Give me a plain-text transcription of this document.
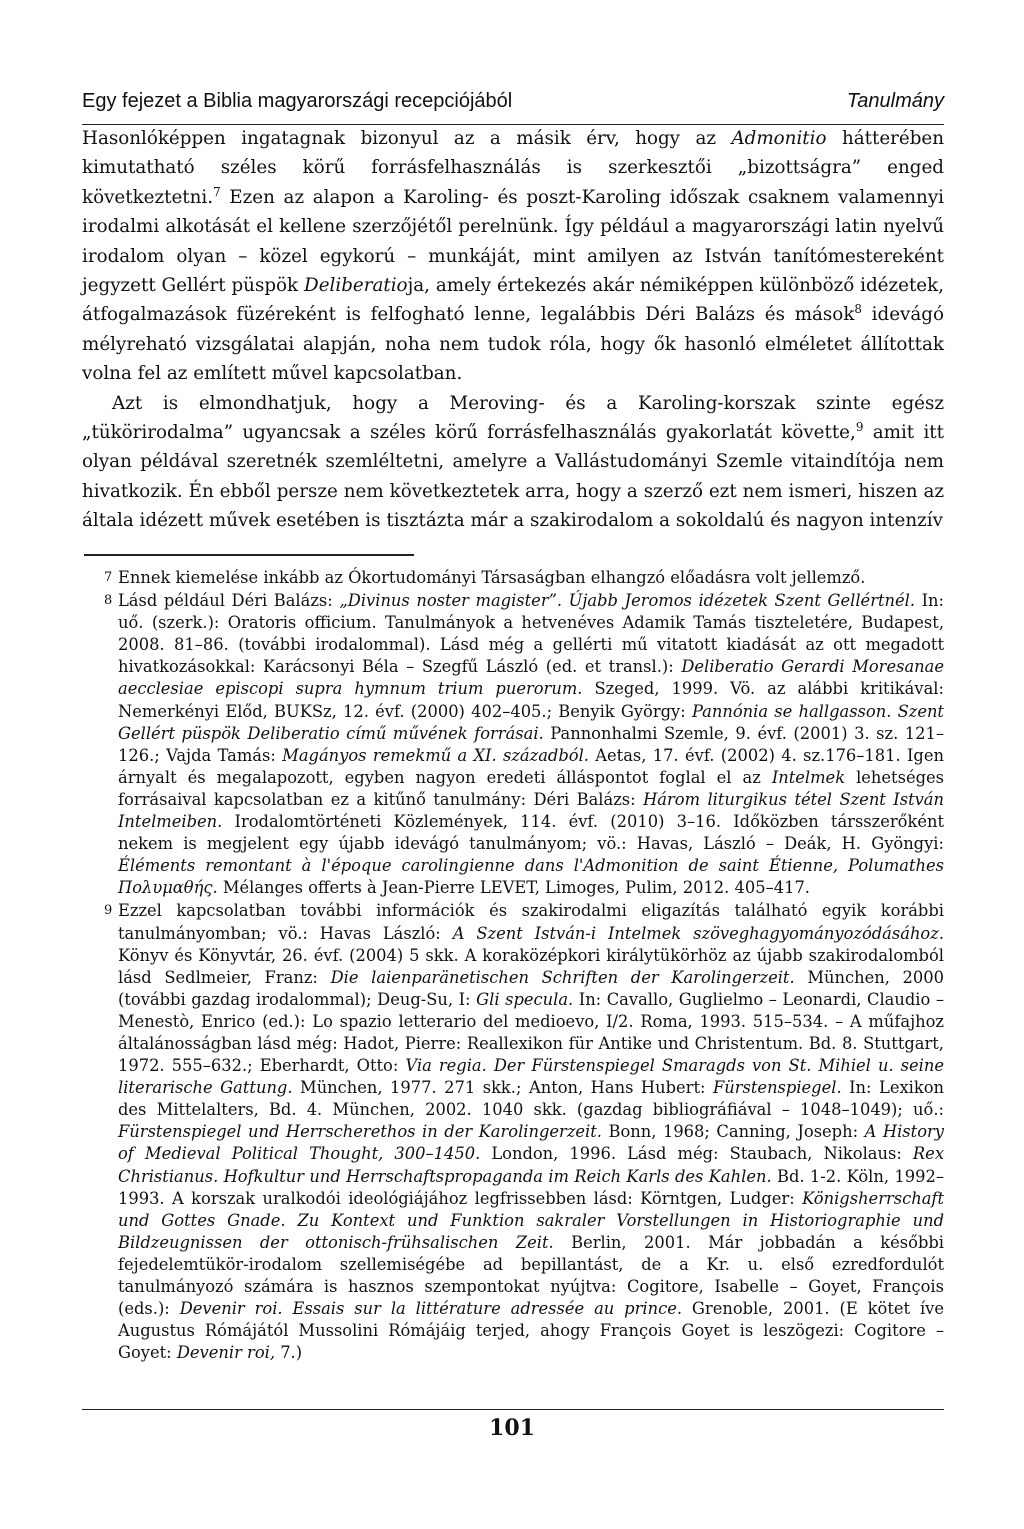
Egy fejezet a Biblia magyarországi recepciójából	Tanulmány

Hasonlóképpen ingatagnak bizonyul az a másik érv, hogy az Admonitio hátterében kimutatható széles körű forrásfelhasználás is szerkesztői „bizottságra” enged következtetni.$^7$ Ezen az alapon a Karoling- és poszt-Karoling időszak csaknem valamennyi irodalmi alkotását el kellene szerzőjétől perelnünk. Így például a magyarországi latin nyelvű irodalom olyan – közel egykorú – munkáját, mint amilyen az István tanítómestereként jegyzett Gellért püspök Deliberatioja, amely értekezés akár némiképpen különböző idézetek, átfogalmazások füzéreként is felfogható lenne, legalábbis Déri Balázs és mások$^8$ idevágó mélyreható vizsgálatai alapján, noha nem tudok róla, hogy ők hasonló elméletet állítottak volna fel az említett művel kapcsolatban.

Azt is elmondhatjuk, hogy a Meroving- és a Karoling-korszak szinte egész „tükörirodalma” ugyancsak a széles körű forrásfelhasználás gyakorlatát követte,$^9$ amit itt olyan példával szeretnék szemléltetni, amelyre a Vallástudományi Szemle vitaindítója nem hivatkozik. Én ebből persze nem következtetek arra, hogy a szerző ezt nem ismeri, hiszen az általa idézett művek esetében is tisztázta már a szakirodalom a sokoldalú és nagyon intenzív

7 Ennek kiemelése inkább az Ókortudományi Társaságban elhangzó előadásra volt jellemző.
8 Lásd például Déri Balázs: „Divinus noster magister”. Újabb Jeromos idézetek Szent Gellértnél. In: uő. (szerk.): Oratoris officium. Tanulmányok a hetvenéves Adamik Tamás tiszteletére, Budapest, 2008. 81–86. (további irodalommal). Lásd még a gellérti mű vitatott kiadását az ott megadott hivatkozásokkal: Karácsonyi Béla – Szegfű László (ed. et transl.): Deliberatio Gerardi Moresanae aecclesiae episcopi supra hymnum trium puerorum. Szeged, 1999. Vö. az alábbi kritikával: Nemerkényi Előd, BUKSz, 12. évf. (2000) 402–405.; Benyik György: Pannónia se hallgasson. Szent Gellért püspök Deliberatio című művének forrásai. Pannonhalmi Szemle, 9. évf. (2001) 3. sz. 121–126.; Vajda Tamás: Magányos remekmű a XI. századból. Aetas, 17. évf. (2002) 4. sz.176–181. Igen árnyalt és megalapozott, egyben nagyon eredeti álláspontot foglal el az Intelmek lehetséges forrásaival kapcsolatban ez a kitűnő tanulmány: Déri Balázs: Három liturgikus tétel Szent István Intelmeiben. Irodalomtörténeti Közlemények, 114. évf. (2010) 3–16. Időközben társszerőként nekem is megjelent egy újabb idevágó tanulmányom; vö.: Havas, László – Deák, H. Gyöngyi: Éléments remontant à l'époque carolingienne dans l'Admonition de saint Étienne, Polumathes Πολυμαθής. Mélanges offerts à Jean-Pierre LEVET, Limoges, Pulim, 2012. 405–417.
9 Ezzel kapcsolatban további információk és szakirodalmi eligazítás található egyik korábbi tanulmányomban; vö.: Havas László: A Szent István-i Intelmek szöveghagyományozódásához. Könyv és Könyvtár, 26. évf. (2004) 5 skk. A koraközépkori királytükörhöz az újabb szakirodalomból lásd Sedlmeier, Franz: Die laienparänetischen Schriften der Karolingerzeit. München, 2000 (további gazdag irodalommal); Deug-Su, I: Gli specula. In: Cavallo, Guglielmo – Leonardi, Claudio – Menestò, Enrico (ed.): Lo spazio letterario del medioevo, I/2. Roma, 1993. 515–534. – A műfajhoz általánosságban lásd még: Hadot, Pierre: Reallexikon für Antike und Christentum. Bd. 8. Stuttgart, 1972. 555–632.; Eberhardt, Otto: Via regia. Der Fürstenspiegel Smaragds von St. Mihiel u. seine literarische Gattung. München, 1977. 271 skk.; Anton, Hans Hubert: Fürstenspiegel. In: Lexikon des Mittelalters, Bd. 4. München, 2002. 1040 skk. (gazdag bibliográfiával – 1048–1049); uő.: Fürstenspiegel und Herrscherethos in der Karolingerzeit. Bonn, 1968; Canning, Joseph: A History of Medieval Political Thought, 300–1450. London, 1996. Lásd még: Staubach, Nikolaus: Rex Christianus. Hofkultur und Herrschaftspropaganda im Reich Karls des Kahlen. Bd. 1-2. Köln, 1992–1993. A korszak uralkodói ideológiájához legfrissebben lásd: Körntgen, Ludger: Königsherrschaft und Gottes Gnade. Zu Kontext und Funktion sakraler Vorstellungen in Historiographie und Bildzeugnissen der ottonisch-frühsalischen Zeit. Berlin, 2001. Már jobbadán a későbbi fejedelemtükör-irodalom szellemiségébe ad bepillantást, de a Kr. u. első ezredfordulót tanulmányozó számára is hasznos szempontokat nyújtva: Cogitore, Isabelle – Goyet, François (eds.): Devenir roi. Essais sur la littérature adressée au prince. Grenoble, 2001. (E kötet íve Augustus Rómájától Mussolini Rómájáig terjed, ahogy François Goyet is leszögezi: Cogitore – Goyet: Devenir roi, 7.)
101
